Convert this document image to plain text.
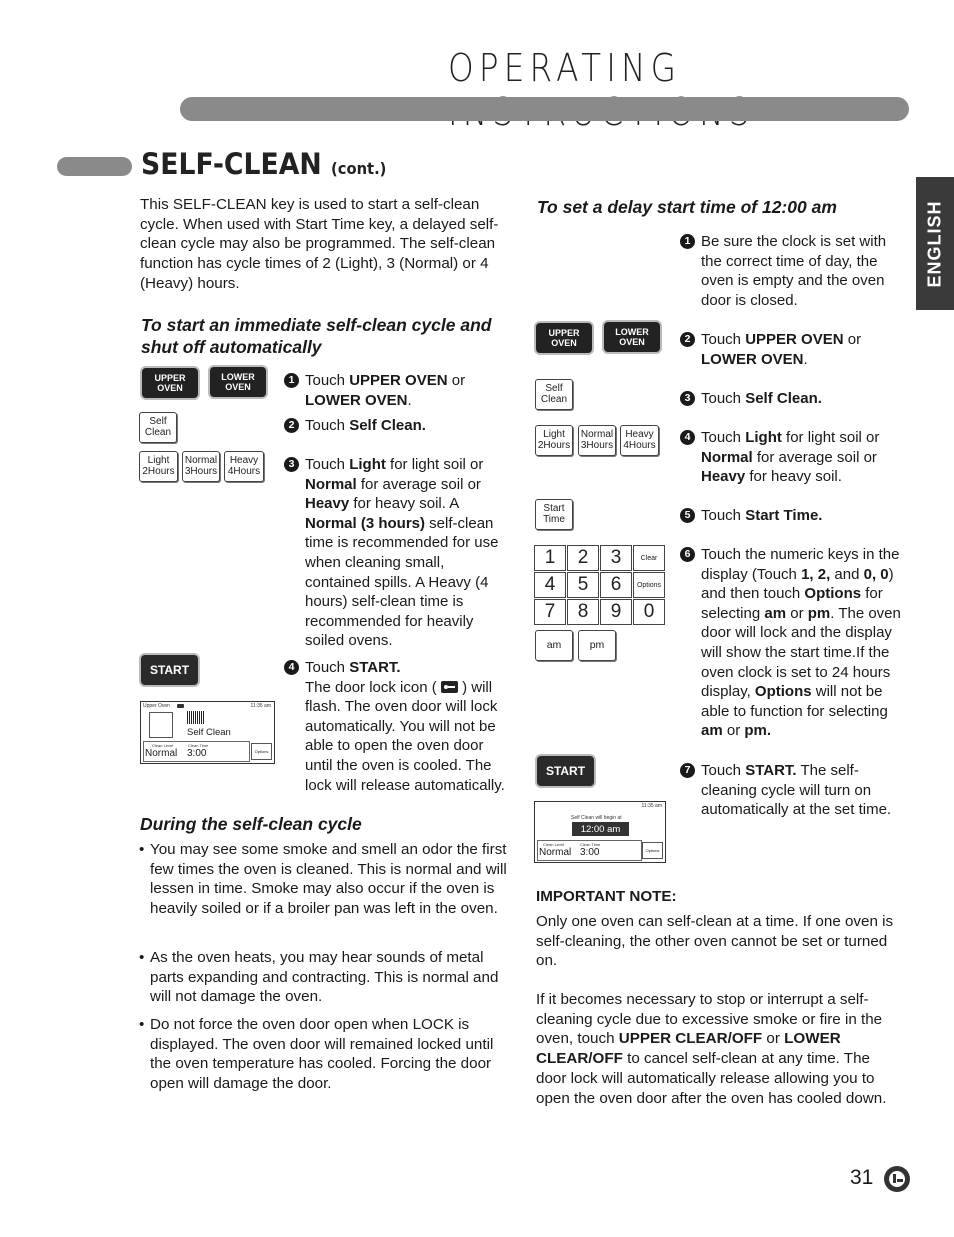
OPERATING
SELF-CLEAN (cont.)
ENGLISH

This SELF-CLEAN key is used to start a self-clean cycle. When used with Start Time key, a delayed self-clean cycle may also be programmed. The self-clean function has cycle times of 2 (Light), 3 (Normal) or 4 (Heavy) hours.

To start an immediate self-clean cycle and shut off automatically

UPPER
OVEN
LOWER
OVEN
Self
Clean
Light
2Hours
Normal
3Hours
Heavy
4Hours
START
Upper Oven	11:35 am
Self Clean
Clean Level	Clean Time
Normal 3:00	Options
1 Touch UPPER OVEN or
LOWER OVEN.
2 Touch Self Clean.
3 Touch Light for light soil or Normal for average soil or Heavy for heavy soil. A Normal (3 hours) self-clean time is recommended for use when cleaning small, contained spills. A Heavy (4 hours) self-clean time is recommended for heavily soiled ovens.
4 Touch START.
The door lock icon (
) will flash. The oven door will lock automatically. You will not be able to open the oven door until the oven is cooled. The lock will release automatically.

During the self-clean cycle

• You may see some smoke and smell an odor the first few times the oven is cleaned. This is normal and will lessen in time. Smoke may also occur if the oven is heavily soiled or if a broiler pan was left in the oven.
• As the oven heats, you may hear sounds of metal parts expanding and contracting. This is normal and will not damage the oven.
• Do not force the oven door open when LOCK is displayed. The oven door will remained locked until the oven temperature has cooled. Forcing the door open will damage the door.

To set a delay start time of 12:00 am

UPPER
OVEN
LOWER
OVEN
Self
Clean
Light
2Hours
Normal
3Hours
Heavy
4Hours
Start
Time
1	2	3	Clear
4	5	6	Options
7	8	9	0
am	pm
START
11:35 am
Self Clean will begin at
12:00 am
Clean Level	Clean Time
Normal 3:00	Options
1 Be sure the clock is set with the correct time of day, the oven is empty and the oven door is closed.
2 Touch UPPER OVEN or
LOWER OVEN.
3 Touch Self Clean.
4 Touch Light for light soil or Normal for average soil or Heavy for heavy soil.
5 Touch Start Time.
6 Touch the numeric keys in the display (Touch 1, 2, and 0, 0) and then touch Options for selecting am or pm. The oven door will lock and the display will show the start time.If the oven clock is set to 24 hours display, Options will not be able to function for selecting am or pm.
7 Touch START. The self-cleaning cycle will turn on automatically at the set time.

IMPORTANT NOTE:

Only one oven can self-clean at a time. If one oven is self-cleaning, the other oven cannot be set or turned on.

If it becomes necessary to stop or interrupt a self-cleaning cycle due to excessive smoke or fire in the oven, touch UPPER CLEAR/OFF or LOWER CLEAR/OFF to cancel self-clean at any time. The door lock will automatically release allowing you to open the oven door after the oven has cooled down.

31
